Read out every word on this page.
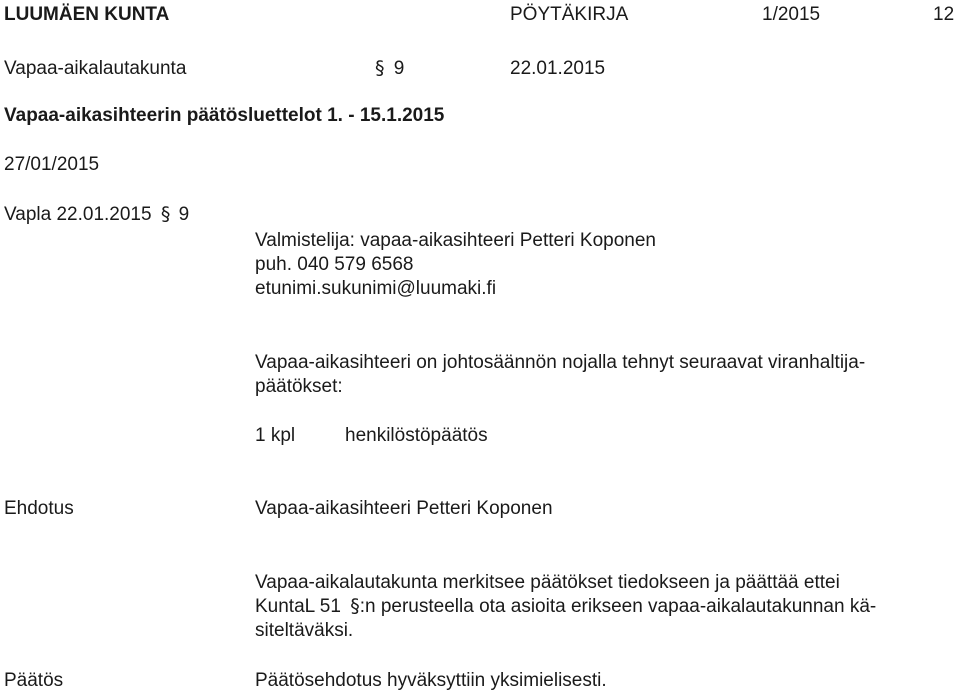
LUUMÄEN KUNTA	PÖYTÄKIRJA	1/2015	12
Vapaa-aikalautakunta	§ 9	22.01.2015
Vapaa-aikasihteerin päätösluettelot 1. - 15.1.2015
27/01/2015
Vapla 22.01.2015 § 9
Valmistelija: vapaa-aikasihteeri Petteri Koponen
puh. 040 579 6568
etunimi.sukunimi@luumaki.fi
Vapaa-aikasihteeri on johtosäännön nojalla tehnyt seuraavat viranhaltija-
päätökset:
1 kpl	henkilöstöpäätös
Ehdotus	Vapaa-aikasihteeri Petteri Koponen
Vapaa-aikalautakunta merkitsee päätökset tiedokseen ja päättää ettei
KuntaL 51 §:n perusteella ota asioita erikseen vapaa-aikalautakunnan kä-
siteltäväksi.
Päätös	Päätösehdotus hyväksyttiin yksimielisesti.
